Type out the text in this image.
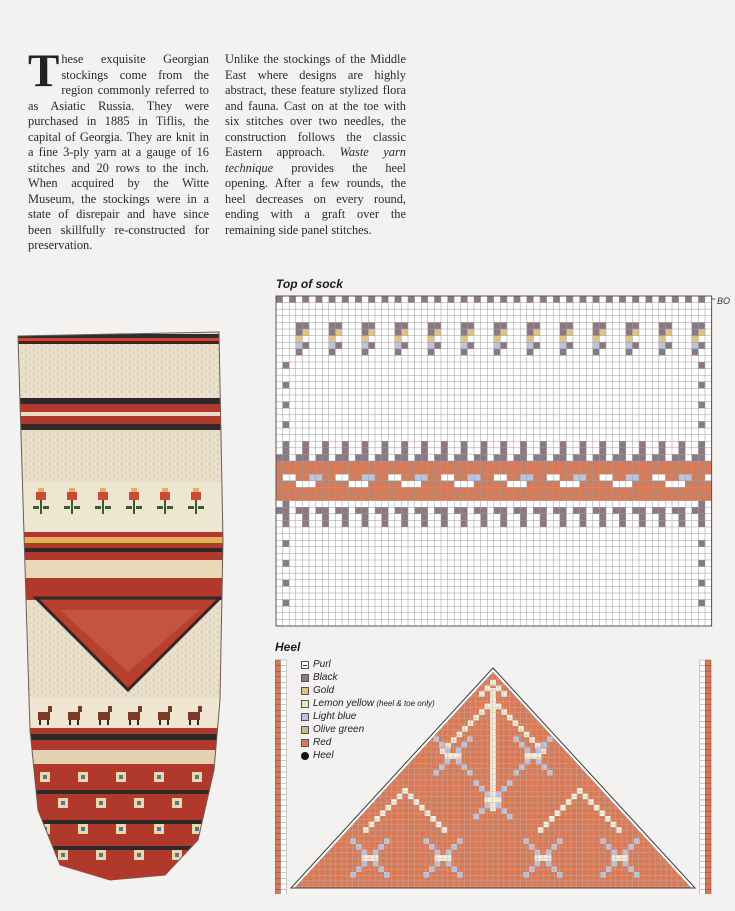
These exquisite Georgian stockings come from the region commonly referred to as Asiatic Russia. They were purchased in 1885 in Tiflis, the capital of Georgia. They are knit in a fine 3-ply yarn at a gauge of 16 stitches and 20 rows to the inch. When acquired by the Witte Museum, the stockings were in a state of disrepair and have since been skillfully re-constructed for preservation.
Unlike the stockings of the Middle East where designs are highly abstract, these feature stylized flora and fauna. Cast on at the toe with six stitches over two needles, the construction follows the classic Eastern approach. Waste yarn technique provides the heel opening. After a few rounds, the heel decreases on every round, ending with a graft over the remaining side panel stitches.
Top of sock
BO
Heel
Purl
Black
Gold
Lemon yellow (heel & toe only)
Light blue
Olive green
Red
Heel
